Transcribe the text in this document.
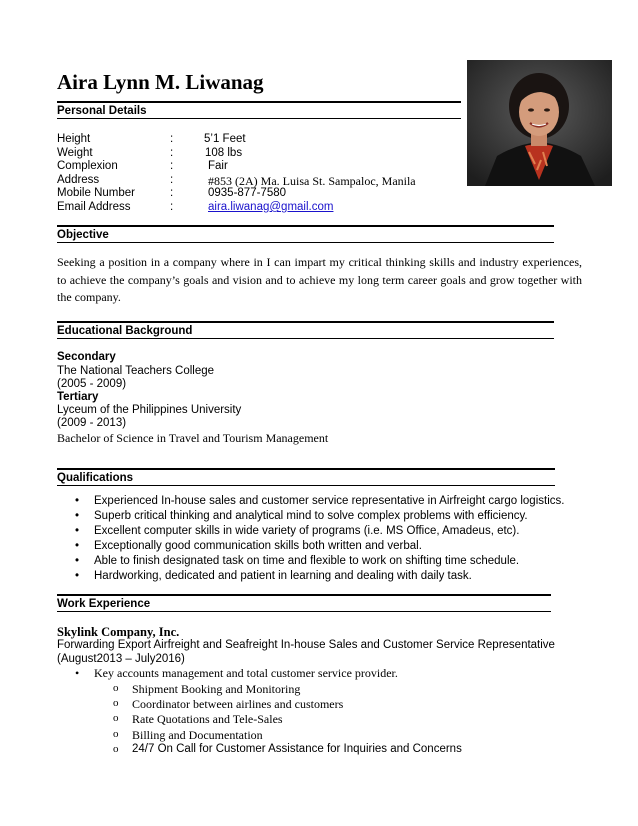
Aira Lynn M. Liwanag
Personal Details
Height	:	5’1 Feet
Weight	:	108 lbs
Complexion	:	Fair
Address	:	#853 (2A) Ma. Luisa St. Sampaloc, Manila
Mobile Number	:	0935-877-7580
Email Address	:	aira.liwanag@gmail.com
Objective
Seeking a position in a company where in I can impart my critical thinking skills and industry experiences, to achieve the company’s goals and vision and to achieve my long term career goals and grow together with the company.
Educational Background
Secondary
The National Teachers College
(2005 - 2009)
Tertiary
Lyceum of the Philippines University
(2009 - 2013)
Bachelor of Science in Travel and Tourism Management
Qualifications
• Experienced In-house sales and customer service representative in Airfreight cargo logistics.
• Superb critical thinking and analytical mind to solve complex problems with efficiency.
• Excellent computer skills in wide variety of programs (i.e. MS Office, Amadeus, etc).
• Exceptionally good communication skills both written and verbal.
• Able to finish designated task on time and flexible to work on shifting time schedule.
• Hardworking, dedicated and patient in learning and dealing with daily task.
Work Experience
Skylink Company, Inc.
Forwarding Export Airfreight and Seafreight In-house Sales and Customer Service Representative
(August2013 – July2016)
• Key accounts management and total customer service provider.
o Shipment Booking and Monitoring
o Coordinator between airlines and customers
o Rate Quotations and Tele-Sales
o Billing and Documentation
o 24/7 On Call for Customer Assistance for Inquiries and Concerns
